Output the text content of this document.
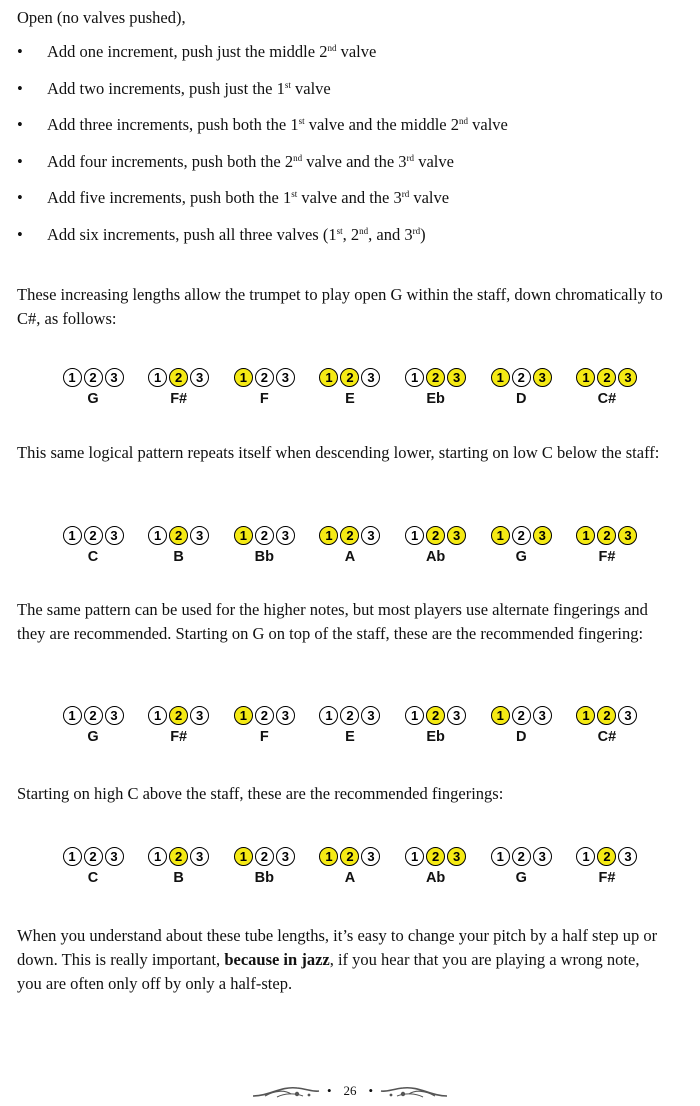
Open (no valves pushed),

•	Add one increment, push just the middle 2nd valve
•	Add two increments, push just the 1st valve
•	Add three increments, push both the 1st valve and the middle 2nd valve
•	Add four increments, push both the 2nd valve and the 3rd valve
•	Add five increments, push both the 1st valve and the 3rd valve
•	Add six increments, push all three valves (1st, 2nd, and 3rd)

These increasing lengths allow the trumpet to play open G within the staff, down chromatically to C#, as follows:

1	2	3
G
1	2	3
F#
1	2	3
F
1	2	3
E
1	2	3
Eb
1	2	3
D
1	2	3
C#

This same logical pattern repeats itself when descending lower, starting on low C below the staff:

1	2	3
C
1	2	3
B
1	2	3
Bb
1	2	3
A
1	2	3
Ab
1	2	3
G
1	2	3
F#

The same pattern can be used for the higher notes, but most players use alternate fingerings and they are recommended. Starting on G on top of the staff, these are the recommended fingering:

1	2	3
G
1	2	3
F#
1	2	3
F
1	2	3
E
1	2	3
Eb
1	2	3
D
1	2	3
C#

Starting on high C above the staff, these are the recommended fingerings:

1	2	3
C
1	2	3
B
1	2	3
Bb
1	2	3
A
1	2	3
Ab
1	2	3
G
1	2	3
F#

When you understand about these tube lengths, it’s easy to change your pitch by a half step up or down. This is really important, because in jazz, if you hear that you are playing a wrong note, you are often only off by only a half-step.

• 26 •
